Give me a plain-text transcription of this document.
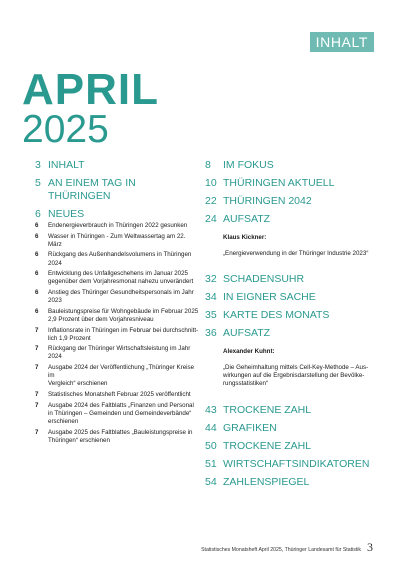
INHALT
APRIL
2025
3 INHALT
5 AN EINEM TAG IN THÜRINGEN
6 NEUES
6	Endenergieverbrauch in Thüringen 2022 gesunken
6	Wasser in Thüringen - Zum Weltwassertag am 22. März
6	Rückgang des Außenhandelsvolumens in Thüringen
2024
6	Entwicklung des Unfallgeschehens im Januar 2025
gegenüber dem Vorjahresmonat nahezu unverändert
6	Anstieg des Thüringer Gesundheitspersonals im Jahr
2023
6	Bauleistungspreise für Wohngebäude im Februar 2025
2,9 Prozent über dem Vorjahresniveau
7	Inflationsrate in Thüringen im Februar bei durchschnitt-
lich 1,9 Prozent
7	Rückgang der Thüringer Wirtschaftsleistung im Jahr
2024
7	Ausgabe 2024 der Veröffentlichung „Thüringer Kreise im
Vergleich“ erschienen
7	Statistisches Monatsheft Februar 2025 veröffentlicht
7	Ausgabe 2024 des Faltblatts „Finanzen und Personal
in Thüringen – Gemeinden und Gemeindeverbände“
erschienen
7	Ausgabe 2025 des Faltblattes „Bauleistungspreise in
Thüringen“ erschienen
8	IM FOKUS
10 THÜRINGEN AKTUELL
22 THÜRINGEN 2042
24 AUFSATZ

Klaus Kickner:

„Energieverwendung in der Thüringer Industrie 2023“

32 SCHADENSUHR
34 IN EIGNER SACHE
35 KARTE DES MONATS
36 AUFSATZ

Alexander Kuhnt:

„Die Geheimhaltung mittels Cell-Key-Methode – Aus-
wirkungen auf die Ergebnisdarstellung der Bevölke-
rungsstatistiken“

43 TROCKENE ZAHL
44 GRAFIKEN
50 TROCKENE ZAHL
51 WIRTSCHAFTSINDIKATOREN
54 ZAHLENSPIEGEL
Statistisches Monatsheft April 2025, Thüringer Landesamt für Statistik 3
